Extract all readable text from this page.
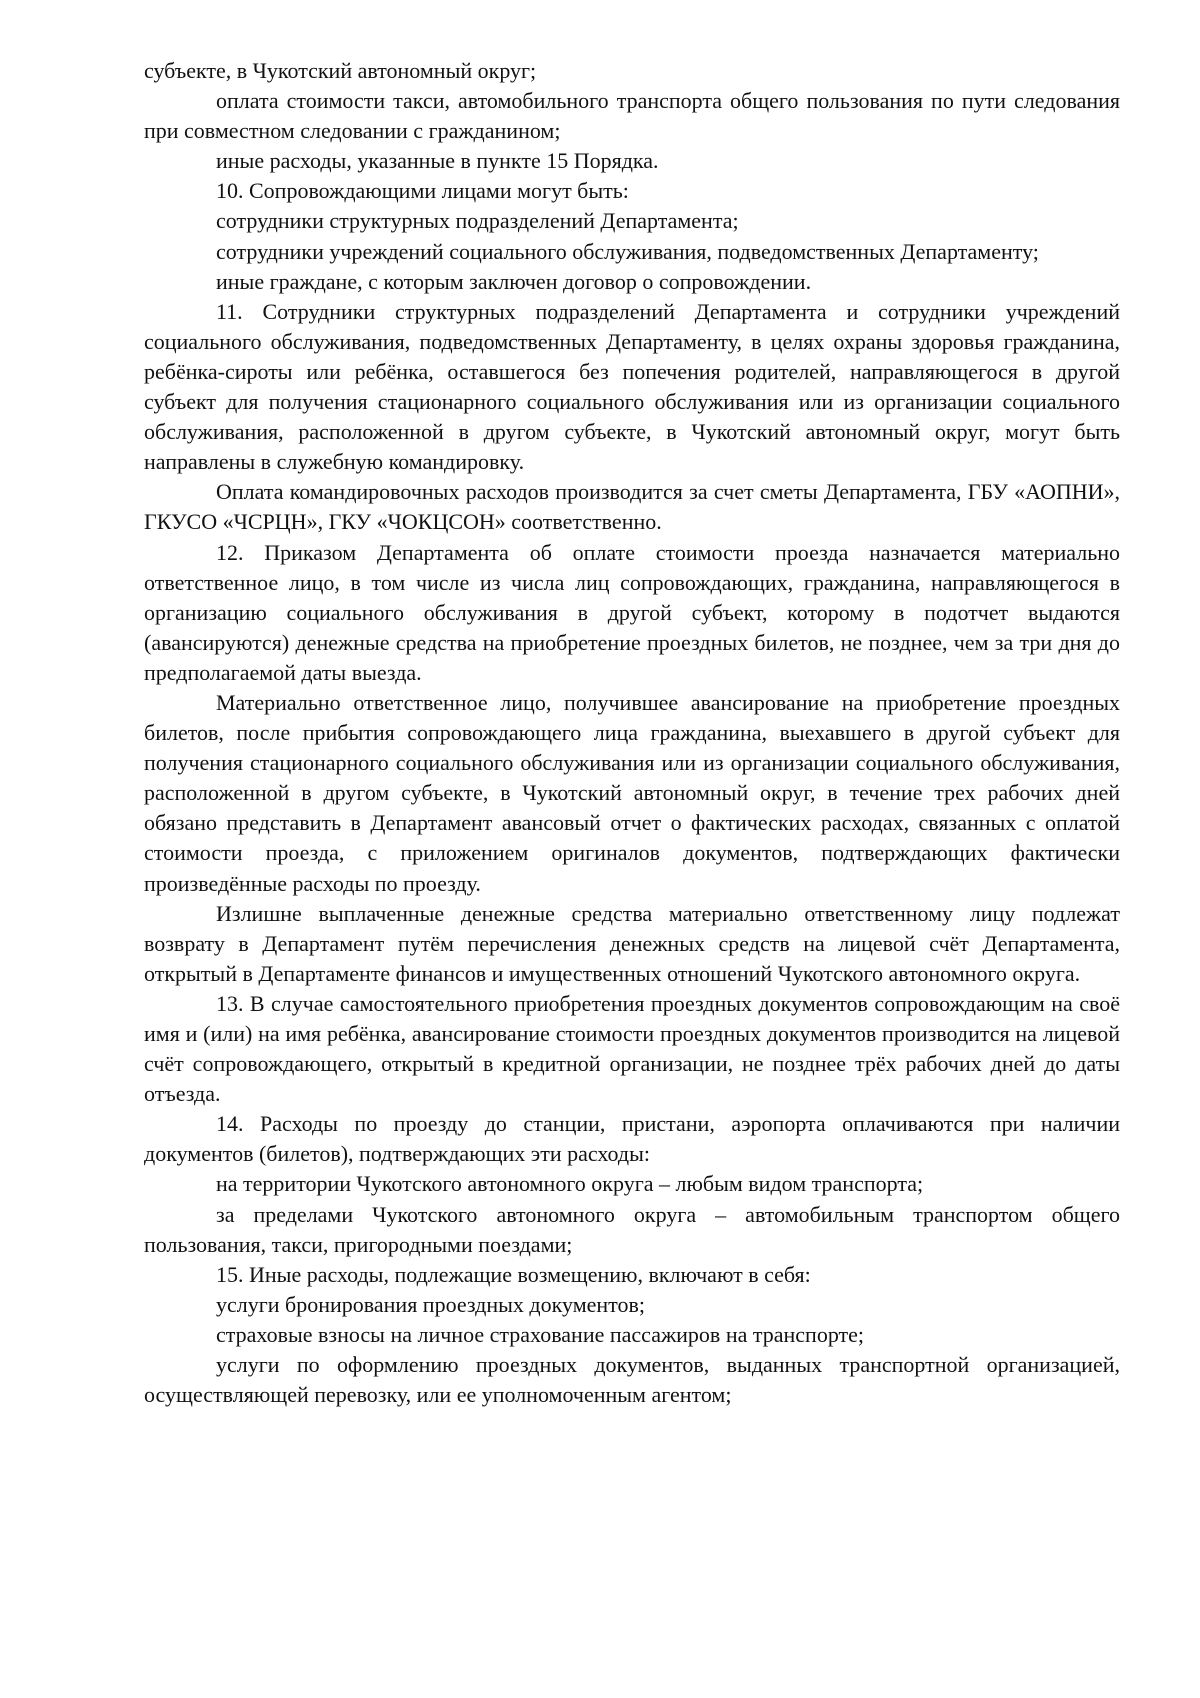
субъекте, в Чукотский автономный округ;

оплата стоимости такси, автомобильного транспорта общего пользования по пути следования при совместном следовании с гражданином;

иные расходы, указанные в пункте 15 Порядка.

10. Сопровождающими лицами могут быть:

сотрудники структурных подразделений Департамента;

сотрудники учреждений социального обслуживания, подведомственных Департаменту;

иные граждане, с которым заключен договор о сопровождении.

11. Сотрудники структурных подразделений Департамента и сотрудники учреждений социального обслуживания, подведомственных Департаменту, в целях охраны здоровья гражданина, ребёнка-сироты или ребёнка, оставшегося без попечения родителей, направляющегося в другой субъект для получения стационарного социального обслуживания или из организации социального обслуживания, расположенной в другом субъекте, в Чукотский автономный округ, могут быть направлены в служебную командировку.

Оплата командировочных расходов производится за счет сметы Департамента, ГБУ «АОПНИ», ГКУСО «ЧСРЦН», ГКУ «ЧОКЦСОН» соответственно.

12. Приказом Департамента об оплате стоимости проезда назначается материально ответственное лицо, в том числе из числа лиц сопровождающих, гражданина, направляющегося в организацию социального обслуживания в другой субъект, которому в подотчет выдаются (авансируются) денежные средства на приобретение проездных билетов, не позднее, чем за три дня до предполагаемой даты выезда.

Материально ответственное лицо, получившее авансирование на приобретение проездных билетов, после прибытия сопровождающего лица гражданина, выехавшего в другой субъект для получения стационарного социального обслуживания или из организации социального обслуживания, расположенной в другом субъекте, в Чукотский автономный округ, в течение трех рабочих дней обязано представить в Департамент авансовый отчет о фактических расходах, связанных с оплатой стоимости проезда, с приложением оригиналов документов, подтверждающих фактически произведённые расходы по проезду.

Излишне выплаченные денежные средства материально ответственному лицу подлежат возврату в Департамент путём перечисления денежных средств на лицевой счёт Департамента, открытый в Департаменте финансов и имущественных отношений Чукотского автономного округа.

13. В случае самостоятельного приобретения проездных документов сопровождающим на своё имя и (или) на имя ребёнка, авансирование стоимости проездных документов производится на лицевой счёт сопровождающего, открытый в кредитной организации, не позднее трёх рабочих дней до даты отъезда.

14. Расходы по проезду до станции, пристани, аэропорта оплачиваются при наличии документов (билетов), подтверждающих эти расходы:

на территории Чукотского автономного округа – любым видом транспорта;

за пределами Чукотского автономного округа – автомобильным транспортом общего пользования, такси, пригородными поездами;

15. Иные расходы, подлежащие возмещению, включают в себя:

услуги бронирования проездных документов;

страховые взносы на личное страхование пассажиров на транспорте;

услуги по оформлению проездных документов, выданных транспортной организацией, осуществляющей перевозку, или ее уполномоченным агентом;
